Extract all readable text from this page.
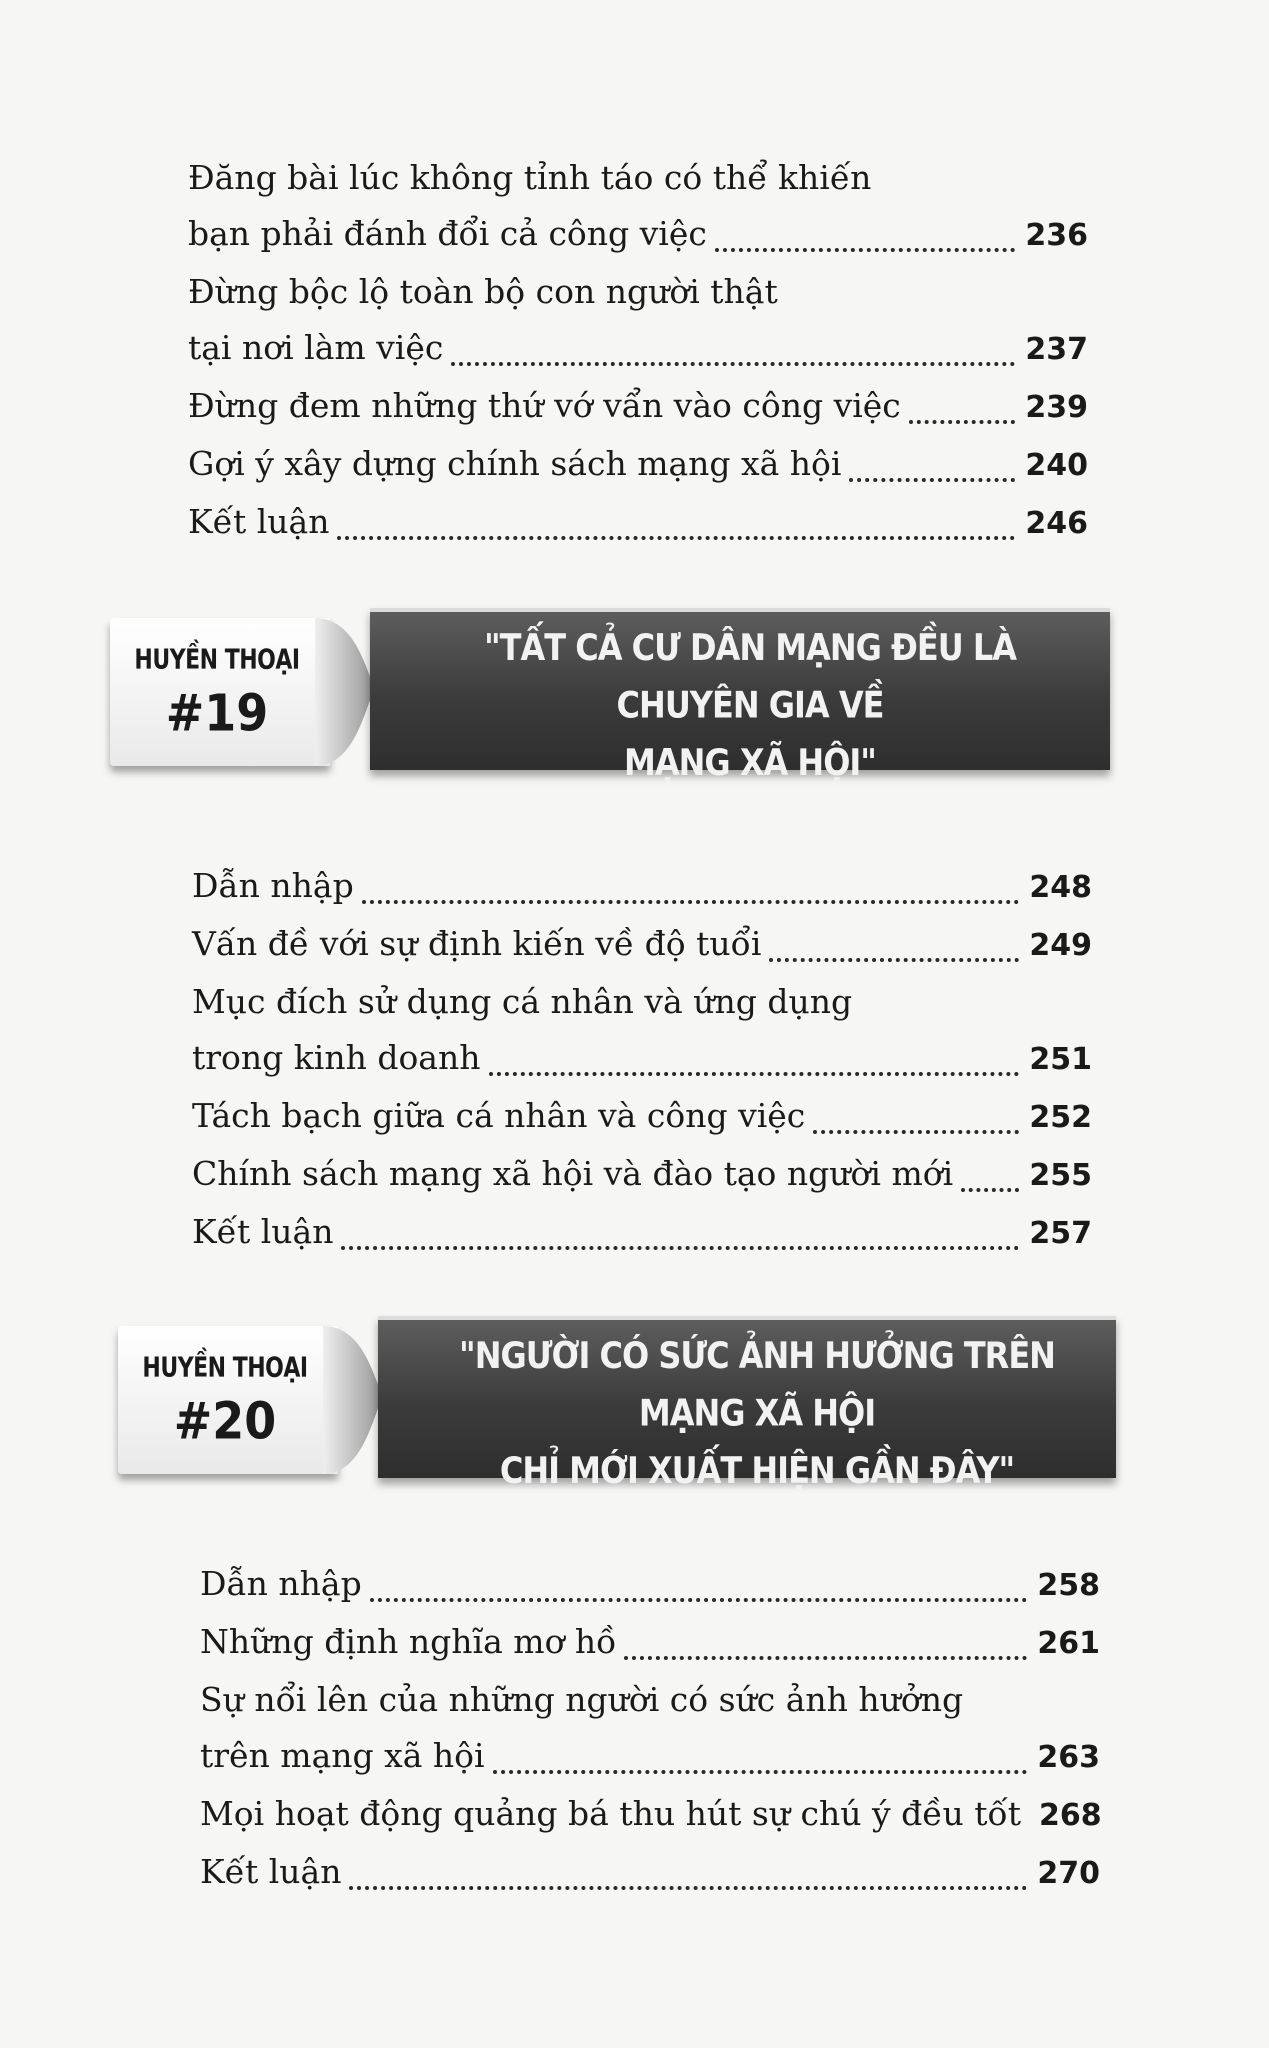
Đăng bài lúc không tỉnh táo có thể khiến
bạn phải đánh đổi cả công việc	236
Đừng bộc lộ toàn bộ con người thật
tại nơi làm việc	237
Đừng đem những thứ vớ vẩn vào công việc	239
Gợi ý xây dựng chính sách mạng xã hội	240
Kết luận	246
HUYỀN THOẠI
#19
"TẤT CẢ CƯ DÂN MẠNG ĐỀU LÀ CHUYÊN GIA VỀ
MẠNG XÃ HỘI"
Dẫn nhập	248
Vấn đề với sự định kiến về độ tuổi	249
Mục đích sử dụng cá nhân và ứng dụng
trong kinh doanh	251
Tách bạch giữa cá nhân và công việc	252
Chính sách mạng xã hội và đào tạo người mới	255
Kết luận	257
HUYỀN THOẠI
#20
"NGƯỜI CÓ SỨC ẢNH HƯỞNG TRÊN MẠNG XÃ HỘI
CHỈ MỚI XUẤT HIỆN GẦN ĐÂY"
Dẫn nhập	258
Những định nghĩa mơ hồ	261
Sự nổi lên của những người có sức ảnh hưởng
trên mạng xã hội	263
Mọi hoạt động quảng bá thu hút sự chú ý đều tốt 268
Kết luận	270
